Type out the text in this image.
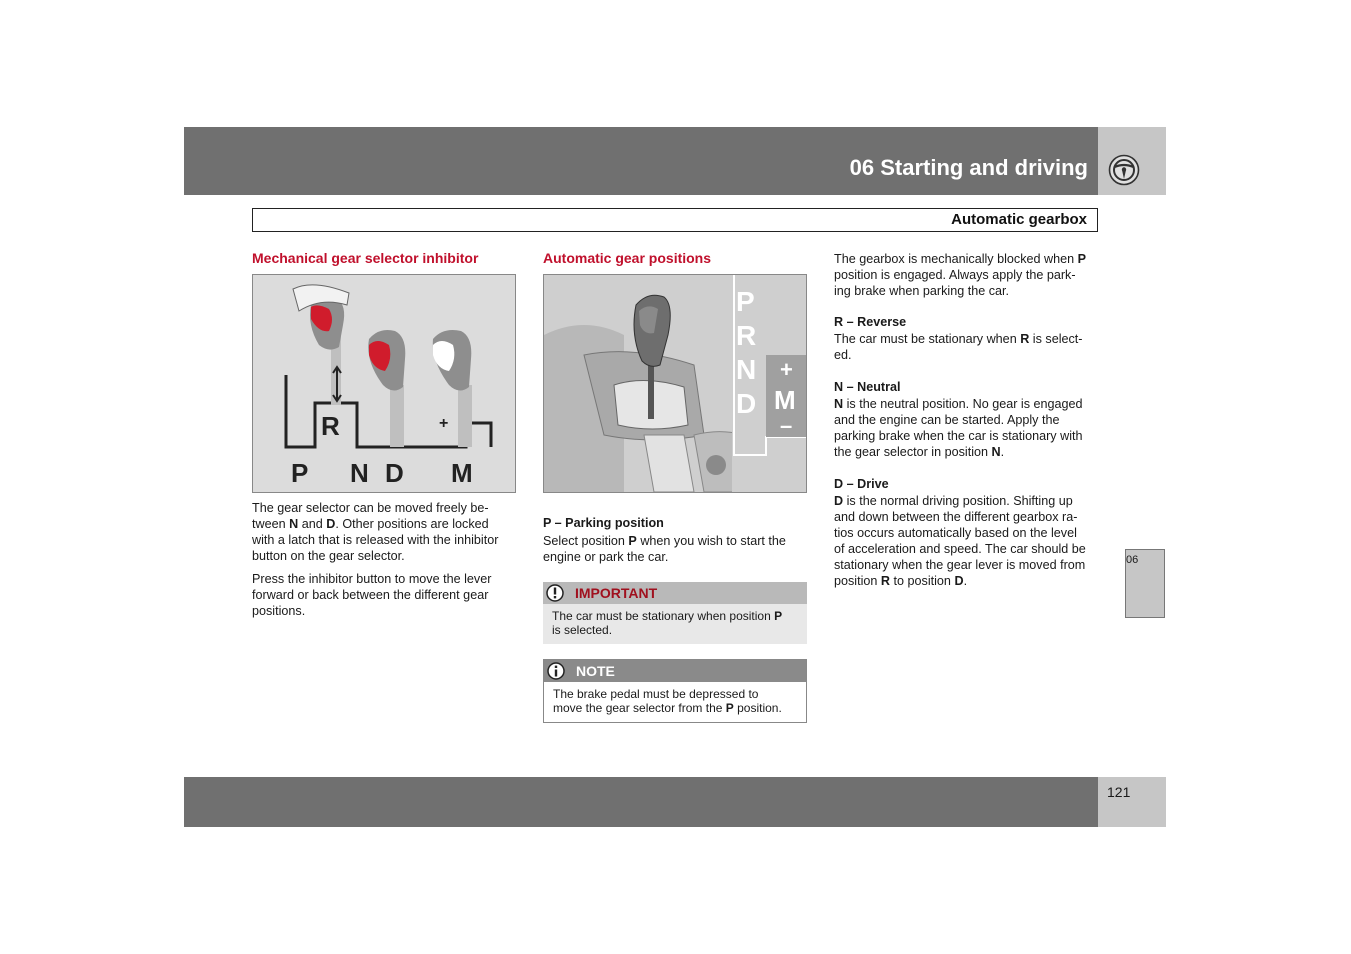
06 Starting and driving
Automatic gearbox
Mechanical gear selector inhibitor
R	+ –
P N D M

The gear selector can be moved freely be-

tween N and D. Other positions are locked

with a latch that is released with the inhibitor

button on the gear selector.

Press the inhibitor button to move the lever

forward or back between the different gear

positions.

Automatic gear positions
P
R
N
D
+
M
–
P – Parking position

Select position P when you wish to start the

engine or park the car.

IMPORTANT
The car must be stationary when position P
is selected.
NOTE
The brake pedal must be depressed to
move the gear selector from the P position.

The gearbox is mechanically blocked when P

position is engaged. Always apply the park-

ing brake when parking the car.

R – Reverse

The car must be stationary when R is select-

ed.

N – Neutral

N is the neutral position. No gear is engaged

and the engine can be started. Apply the

parking brake when the car is stationary with

the gear selector in position N.

D – Drive

D is the normal driving position. Shifting up

and down between the different gearbox ra-

tios occurs automatically based on the level

of acceleration and speed. The car should be

stationary when the gear lever is moved from

position R to position D.

06
121
